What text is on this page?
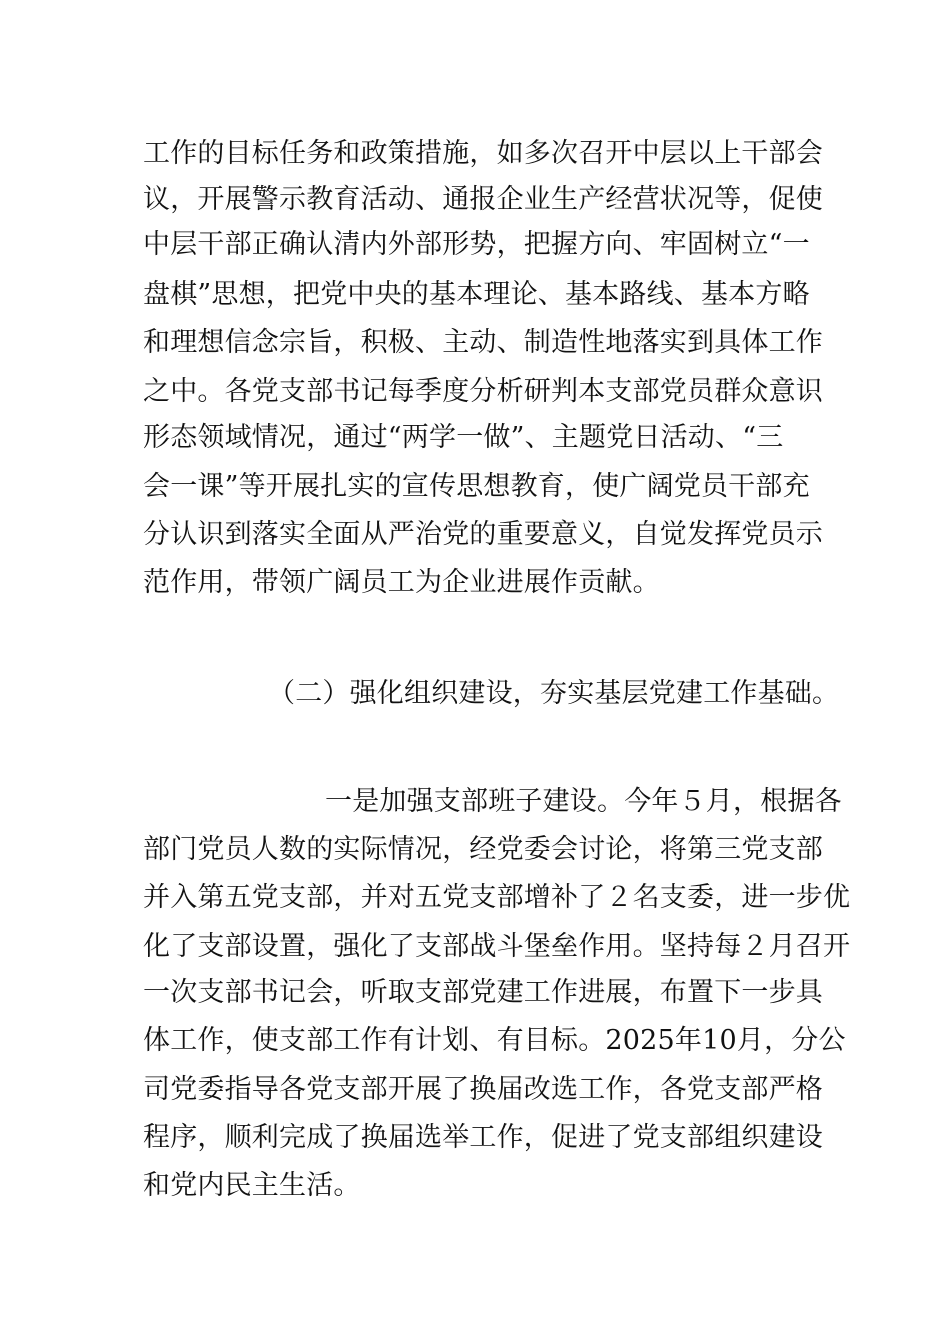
工作的目标任务和政策措施，如多次召开中层以上干部会
议，开展警示教育活动、通报企业生产经营状况等，促使
中层干部正确认清内外部形势，把握方向、牢固树立“一
盘棋”思想，把党中央的基本理论、基本路线、基本方略
和理想信念宗旨，积极、主动、制造性地落实到具体工作
之中。各党支部书记每季度分析研判本支部党员群众意识
形态领域情况，通过“两学一做”、主题党日活动、“三
会一课”等开展扎实的宣传思想教育，使广阔党员干部充
分认识到落实全面从严治党的重要意义，自觉发挥党员示
范作用，带领广阔员工为企业进展作贡献。
（二）强化组织建设，夯实基层党建工作基础。
一是加强支部班子建设。今年５月，根据各
部门党员人数的实际情况，经党委会讨论，将第三党支部
并入第五党支部，并对五党支部增补了２名支委，进一步优
化了支部设置，强化了支部战斗堡垒作用。坚持每２月召开
一次支部书记会，听取支部党建工作进展，布置下一步具
体工作，使支部工作有计划、有目标。2025年10月，分公
司党委指导各党支部开展了换届改选工作，各党支部严格
程序，顺利完成了换届选举工作，促进了党支部组织建设
和党内民主生活。
